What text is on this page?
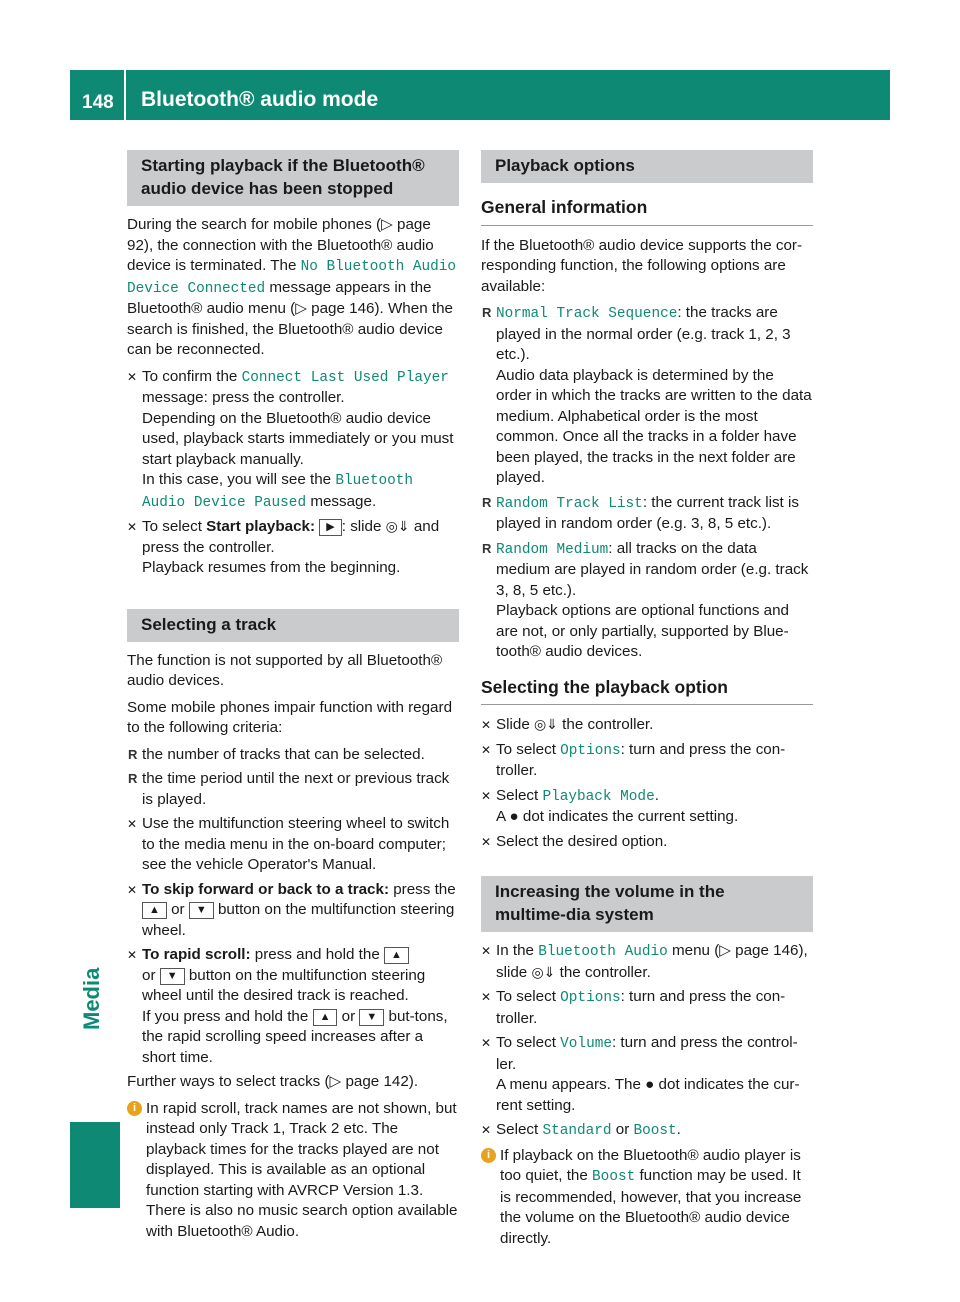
148 Bluetooth® audio mode
Media
Starting playback if the Bluetooth® audio device has been stopped

During the search for mobile phones (▷ page 92), the connection with the Bluetooth® audio device is terminated. The No Bluetooth Audio Device Connected message appears in the Bluetooth® audio menu (▷ page 146). When the search is finished, the Bluetooth® audio device can be reconnected.

✕ To confirm the Connect Last Used Player message: press the controller.
Depending on the Bluetooth® audio device used, playback starts immediately or you must start playback manually.
In this case, you will see the Bluetooth Audio Device Paused message.
✕ To select Start playback: ▶ : slide ◎⇓ and press the controller.
Playback resumes from the beginning.
Selecting a track

The function is not supported by all Bluetooth® audio devices.

Some mobile phones impair function with regard to the following criteria:

R the number of tracks that can be selected.
R the time period until the next or previous track is played.
✕ Use the multifunction steering wheel to switch to the media menu in the on-board computer; see the vehicle Operator's Manual.
✕ To skip forward or back to a track: press the ▲ or ▼ button on the multifunction steering wheel.
✕ To rapid scroll: press and hold the ▲
or ▼ button on the multifunction steering wheel until the desired track is reached.
If you press and hold the ▲ or ▼ but-tons, the rapid scrolling speed increases after a short time.

Further ways to select tracks (▷ page 142).

i In rapid scroll, track names are not shown, but instead only Track 1, Track 2 etc. The playback times for the tracks played are not displayed. This is available as an optional function starting with AVRCP Version 1.3. There is also no music search option available with Bluetooth® Audio.
Playback options
General information

If the Bluetooth® audio device supports the cor-responding function, the following options are available:

R Normal Track Sequence: the tracks are played in the normal order (e.g. track 1, 2, 3 etc.).
Audio data playback is determined by the order in which the tracks are written to the data medium. Alphabetical order is the most common. Once all the tracks in a folder have been played, the tracks in the next folder are played.
R Random Track List: the current track list is played in random order (e.g. 3, 8, 5 etc.).
R Random Medium: all tracks on the data medium are played in random order (e.g. track 3, 8, 5 etc.).
Playback options are optional functions and are not, or only partially, supported by Blue-tooth® audio devices.
Selecting the playback option
✕ Slide ◎⇓ the controller.
✕ To select Options: turn and press the con-troller.
✕ Select Playback Mode.
A ● dot indicates the current setting.
✕ Select the desired option.
Increasing the volume in the multime-dia system
✕ In the Bluetooth Audio menu (▷ page 146), slide ◎⇓ the controller.
✕ To select Options: turn and press the con-troller.
✕ To select Volume: turn and press the control-ler.
A menu appears. The ● dot indicates the cur-rent setting.
✕ Select Standard or Boost.
i If playback on the Bluetooth® audio player is too quiet, the Boost function may be used. It is recommended, however, that you increase the volume on the Bluetooth® audio device directly.
